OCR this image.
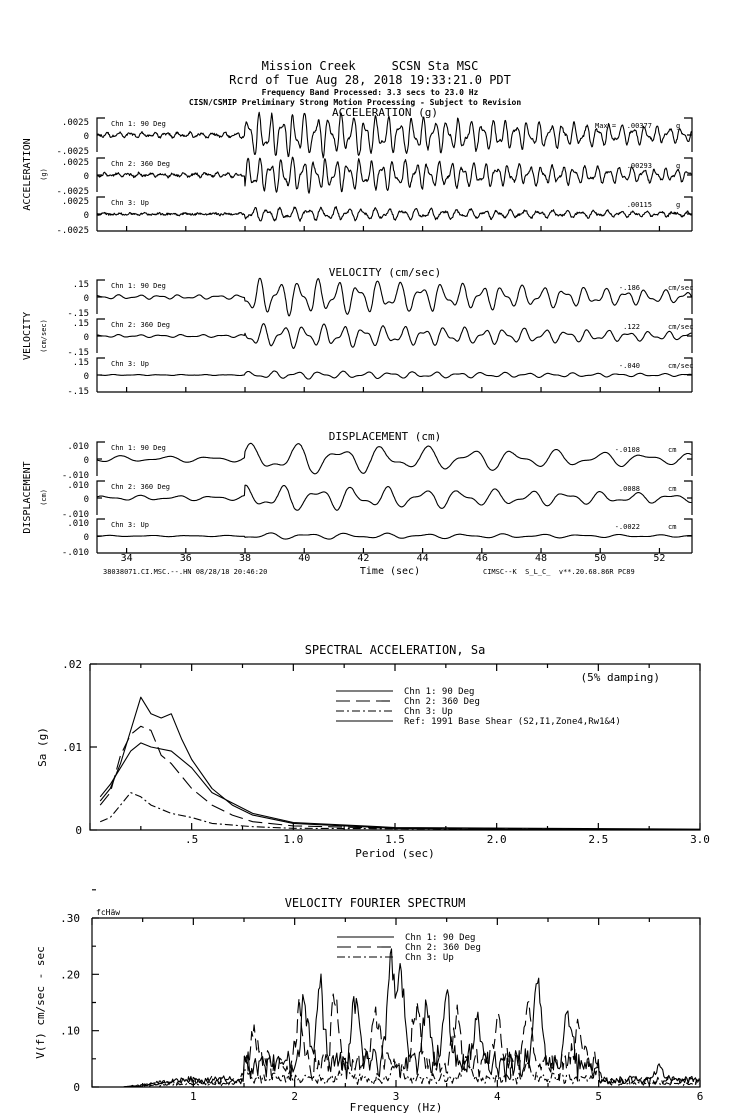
Mission Creek     SCSN Sta MSC
Rcrd of Tue Aug 28, 2018 19:33:21.0 PDT
Frequency Band Processed: 3.3 secs to 23.0 Hz
CISN/CSMIP Preliminary Strong Motion Processing - Subject to Revision
ACCELERATION (g)
ACCELERATION (g)
.0025
0
-.0025
Chn 1: 90 Deg	Max = .00377	g
.0025
0
-.0025
Chn 2: 360 Deg	.00293	g
.0025
0
-.0025
Chn 3: Up	.00115	g
VELOCITY (cm/sec)
VELOCITY (cm/sec)
.15
0
-.15
Chn 1: 90 Deg	-.186	cm/sec
.15
0
-.15
Chn 2: 360 Deg	.122	cm/sec
.15
0
-.15
Chn 3: Up	-.040	cm/sec
DISPLACEMENT (cm)
DISPLACEMENT (cm)
.010
0
-.010
Chn 1: 90 Deg	-.0108	cm
.010
0
-.010
Chn 2: 360 Deg	.0088	cm
.010
0
-.010
Chn 3: Up	-.0022	cm
34	36	38	40	42	44	46	48	50	52
Time (sec)
38038071.CI.MSC.--.HN 08/28/18 20:46:20	CIMSC--K  S_L_C_  v**.20.68.86R PC89
SPECTRAL ACCELERATION, Sa
.5	1.0	1.5	2.0	2.5	3.0
0
.01
.02
Period (sec)
Sa (g)
(5% damping)
Chn 1: 90 Deg
Chn 2: 360 Deg
Chn 3: Up
Ref: 1991 Base Shear (S2,I1,Zone4,Rw1&4)
VELOCITY FOURIER SPECTRUM
fcHäw
1	2	3	4	5	6
0
.10
.20
.30
Frequency (Hz)
V(f) cm/sec - sec
Chn 1: 90 Deg
Chn 2: 360 Deg
Chn 3: Up
